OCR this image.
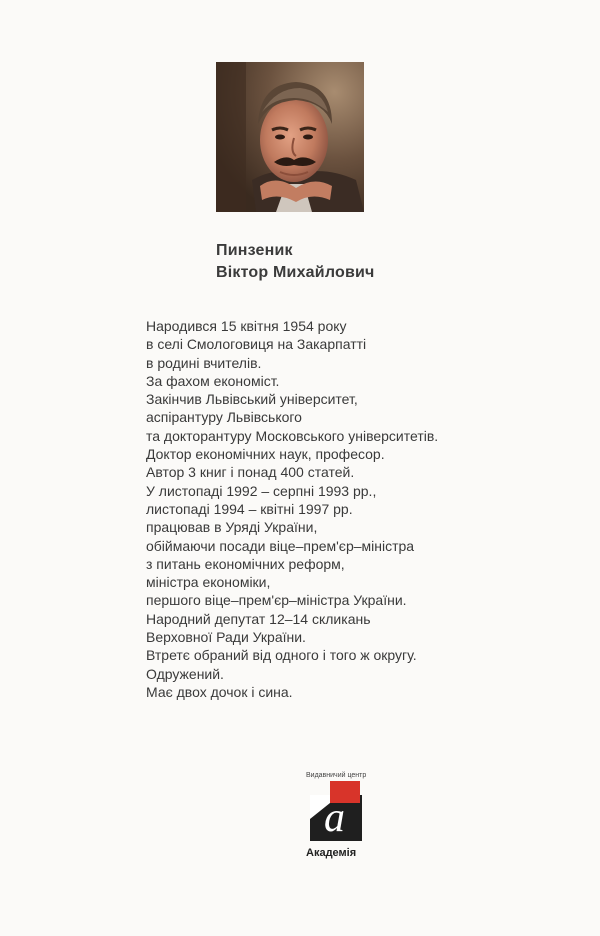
Пинзеник
Віктор Михайлович
Народився 15 квітня 1954 року
в селі Смологовиця на Закарпатті
в родині вчителів.
За фахом економіст.
Закінчив Львівський університет,
аспірантуру Львівського
та докторантуру Московського університетів.
Доктор економічних наук, професор.
Автор 3 книг і понад 400 статей.
У листопаді 1992 – серпні 1993 рр.,
листопаді 1994 – квітні 1997 рр.
працював в Уряді України,
обіймаючи посади віце–прем'єр–міністра
з питань економічних реформ,
міністра економіки,
першого віце–прем'єр–міністра України.
Народний депутат 12–14 скликань
Верховної Ради України.
Втретє обраний від одного і того ж округу.
Одружений.
Має двох дочок і сина.
Видавничий центр
а
Академія
